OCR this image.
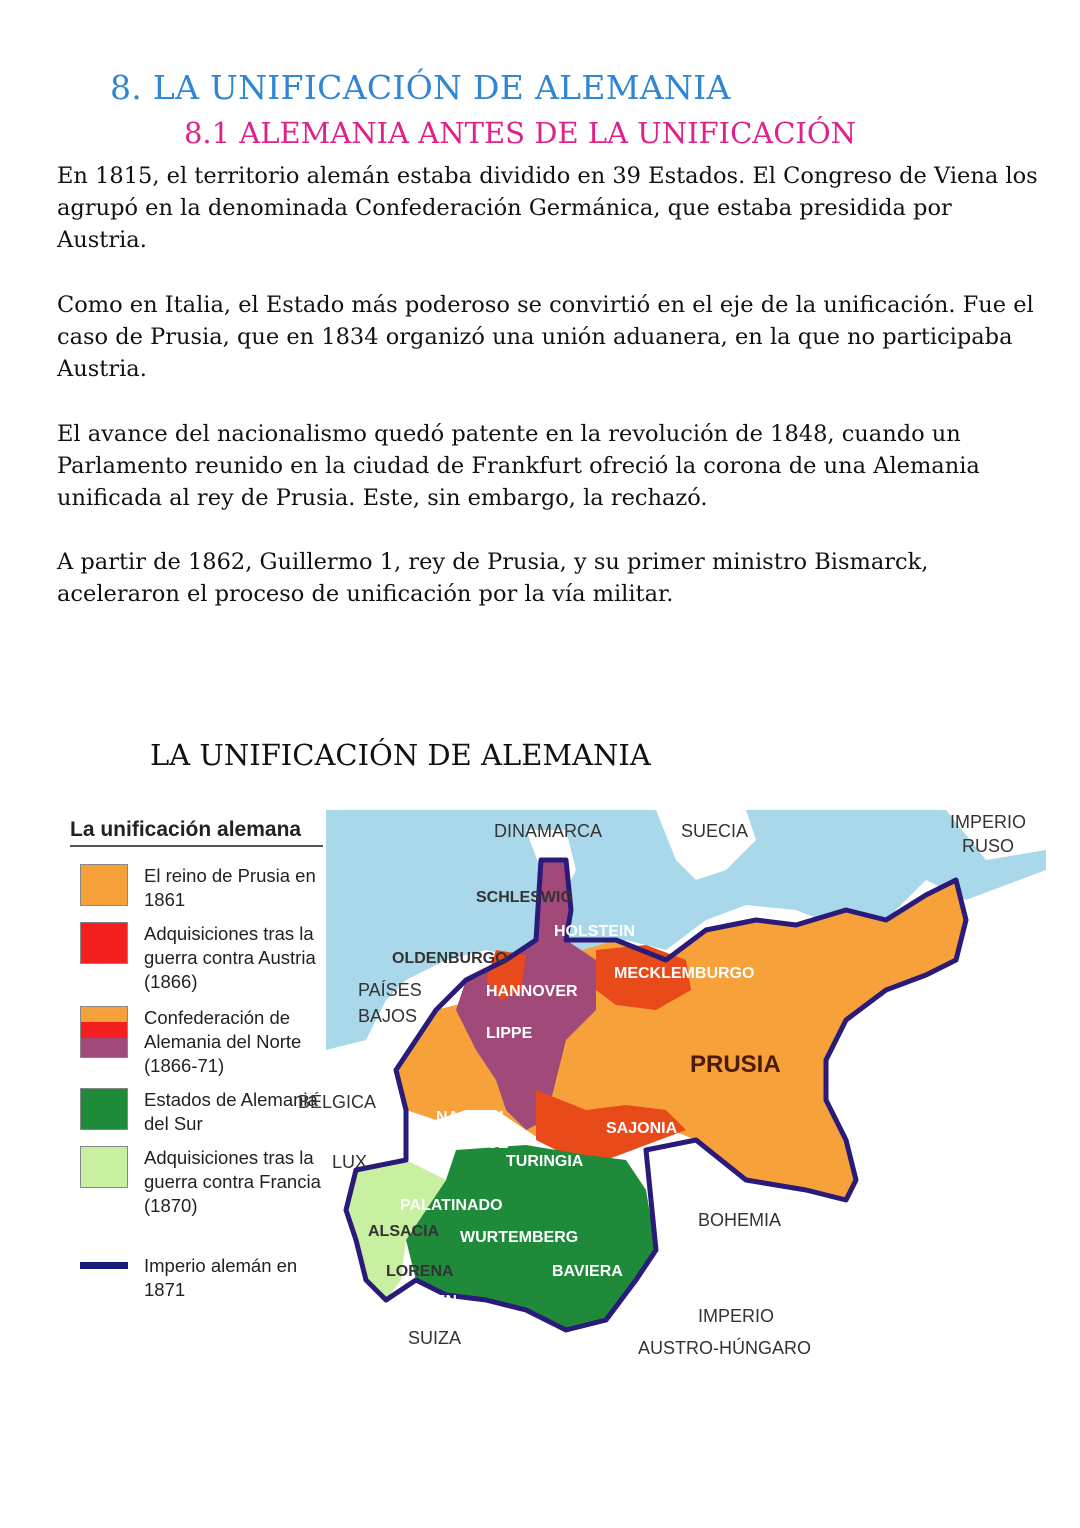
8. LA UNIFICACIÓN DE ALEMANIA
8.1 ALEMANIA ANTES DE LA UNIFICACIÓN

En 1815, el territorio alemán estaba dividido en 39 Estados. El Congreso de Viena los agrupó en la denominada Confederación Germánica, que estaba presidida por Austria.

Como en Italia, el Estado más poderoso se convirtió en el eje de la unificación. Fue el caso de Prusia, que en 1834 organizó una unión aduanera, en la que no participaba Austria.

El avance del nacionalismo quedó patente en la revolución de 1848, cuando un Parlamento reunido en la ciudad de Frankfurt ofreció la corona de una Alemania unificada al rey de Prusia. Este, sin embargo, la rechazó.

A partir de 1862, Guillermo 1, rey de Prusia, y su primer ministro Bismarck, aceleraron el proceso de unificación por la vía militar.

LA UNIFICACIÓN DE ALEMANIA
La unificación alemana
El reino de Prusia en 1861
Adquisiciones tras la guerra contra Austria (1866)
Confederación de Alemania del Norte (1866-71)
Estados de Alemania del Sur
Adquisiciones tras la guerra contra Francia (1870)
Imperio alemán en 1871
DINAMARCA	SUECIA	IMPERIO
RUSO
SCHLESWIG
HOLSTEIN
OLDENBURGO
MECKLEMBURGO
HANNOVER
PAÍSES
BAJOS
LIPPE
PRUSIA
BÉLGICA
NASSAU
HESSE
SAJONIA
LUX.	TURINGIA
PALATINADO
ALSACIA WURTEMBERG
BOHEMIA
LORENA	BAVIERA
BADEN
IMPERIO
AUSTRO-HÚNGARO
SUIZA
